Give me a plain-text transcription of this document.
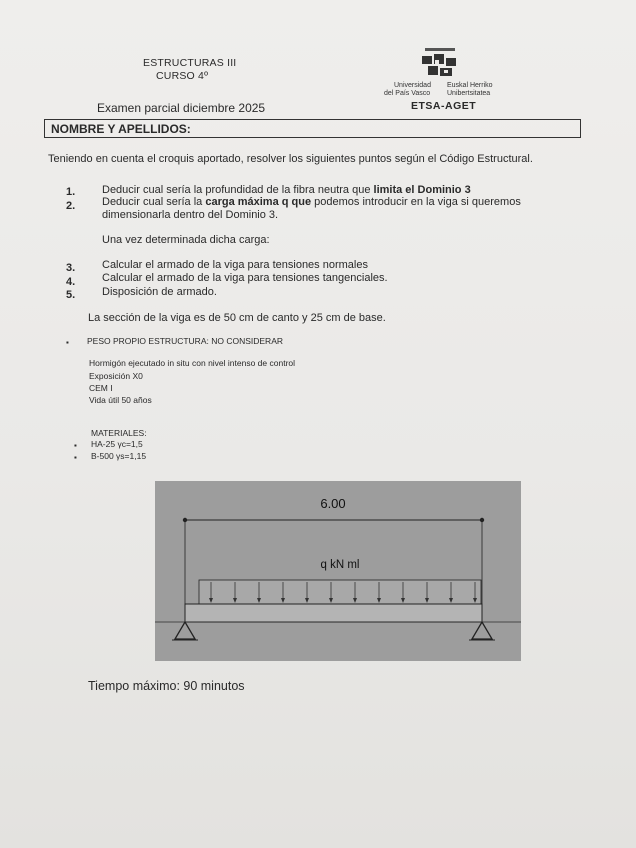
ESTRUCTURAS III
CURSO 4º
Universidad
del País Vasco
Euskal Herriko
Unibertsitatea
ETSA-AGET
Examen parcial diciembre 2025
NOMBRE Y APELLIDOS:
Teniendo en cuenta el croquis aportado, resolver los siguientes puntos según el Código Estructural.
1. Deducir cual sería la profundidad de la fibra neutra que limita el Dominio 3
2. Deducir cual sería la carga máxima q que podemos introducir en la viga si queremos
dimensionarla dentro del Dominio 3.
Una vez determinada dicha carga:
3. Calcular el armado de la viga para tensiones normales
4. Calcular el armado de la viga para tensiones tangenciales.
5. Disposición de armado.
La sección de la viga es de 50 cm de canto y 25 cm de base.
▪ PESO PROPIO ESTRUCTURA: NO CONSIDERAR
Hormigón ejecutado in situ con nivel intenso de control
Exposición X0
CEM I
Vida útil 50 años
MATERIALES:
▪ HA-25 γc=1,5
▪ B-500 γs=1,15
6.00
q kN ml
Tiempo máximo: 90 minutos
